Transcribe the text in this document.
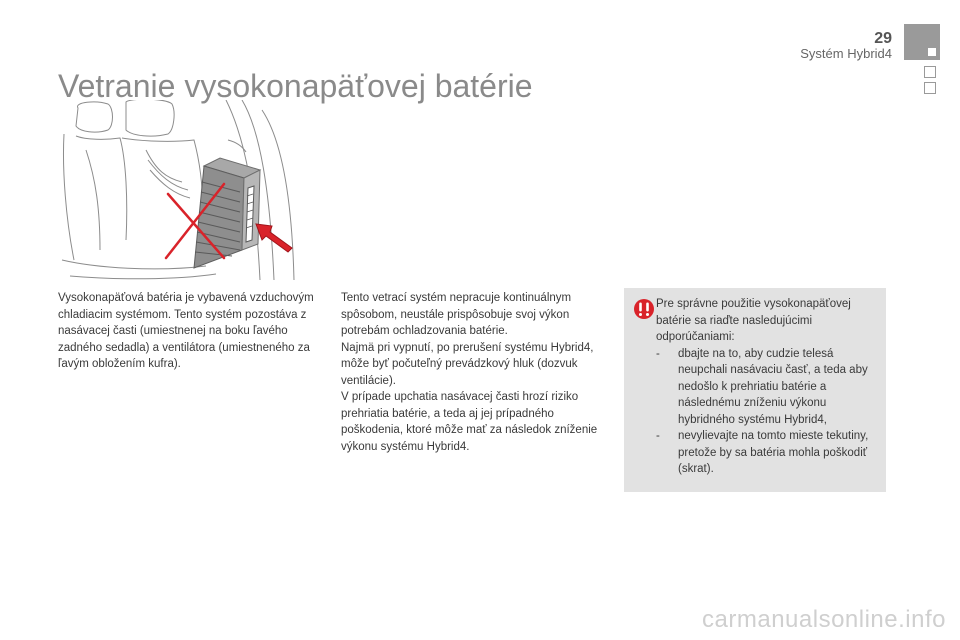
29
Systém Hybrid4
Vetranie vysokonapäťovej batérie
Vysokonapäťová batéria je vybavená vzduchovým chladiacim systémom. Tento systém pozostáva z nasávacej časti (umiestnenej na boku ľavého zadného sedadla) a ventilátora (umiestneného za ľavým obložením kufra).

Tento vetrací systém nepracuje kontinuálnym spôsobom, neustále prispôsobuje svoj výkon potrebám ochladzovania batérie.

Najmä pri vypnutí, po prerušení systému Hybrid4, môže byť počuteľný prevádzkový hluk (dozvuk ventilácie).

V prípade upchatia nasávacej časti hrozí riziko prehriatia batérie, a teda aj jej prípadného poškodenia, ktoré môže mať za následok zníženie výkonu systému Hybrid4.

Pre správne použitie vysokonapäťovej batérie sa riaďte nasledujúcimi odporúčaniami:
- dbajte na to, aby cudzie telesá neupchali nasávaciu časť, a teda aby nedošlo k prehriatiu batérie a následnému zníženiu výkonu hybridného systému Hybrid4,
- nevylievajte na tomto mieste tekutiny, pretože by sa batéria mohla poškodiť (skrat).
carmanualsonline.info
